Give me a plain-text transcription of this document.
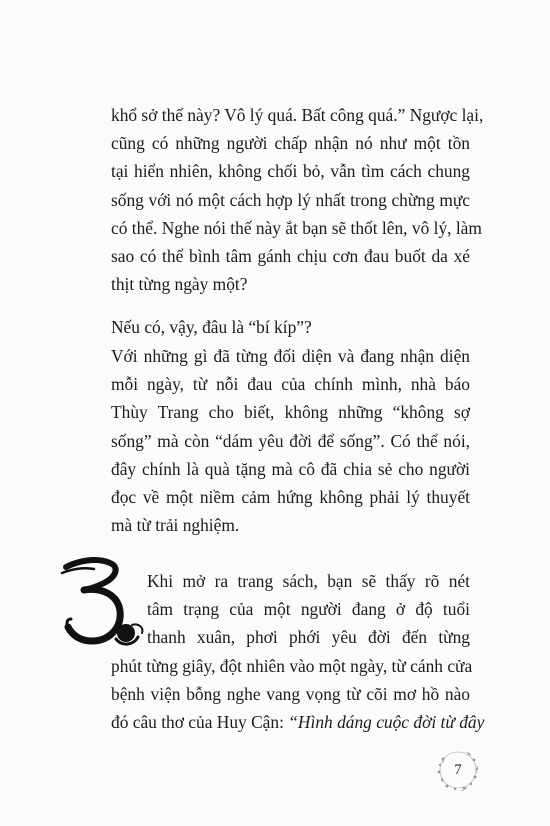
khổ sở thế này? Vô lý quá. Bất công quá.” Ngược lại,
cũng có những người chấp nhận nó như một tồn
tại hiển nhiên, không chối bỏ, vẫn tìm cách chung
sống với nó một cách hợp lý nhất trong chừng mực
có thể. Nghe nói thế này ắt bạn sẽ thốt lên, vô lý, làm
sao có thể bình tâm gánh chịu cơn đau buốt da xé
thịt từng ngày một?
Nếu có, vậy, đâu là “bí kíp”?
Với những gì đã từng đối diện và đang nhận diện
mỗi ngày, từ nỗi đau của chính mình, nhà báo
Thùy Trang cho biết, không những “không sợ
sống” mà còn “dám yêu đời để sống”. Có thể nói,
đây chính là quà tặng mà cô đã chia sẻ cho người
đọc về một niềm cảm hứng không phải lý thuyết
mà từ trải nghiệm.
Khi mở ra trang sách, bạn sẽ thấy rõ nét
tâm trạng của một người đang ở độ tuổi
thanh xuân, phơi phới yêu đời đến từng
phút từng giây, đột nhiên vào một ngày, từ cánh cửa
bệnh viện bỗng nghe vang vọng từ cõi mơ hồ nào
đó câu thơ của Huy Cận: “Hình dáng cuộc đời từ đây
7
